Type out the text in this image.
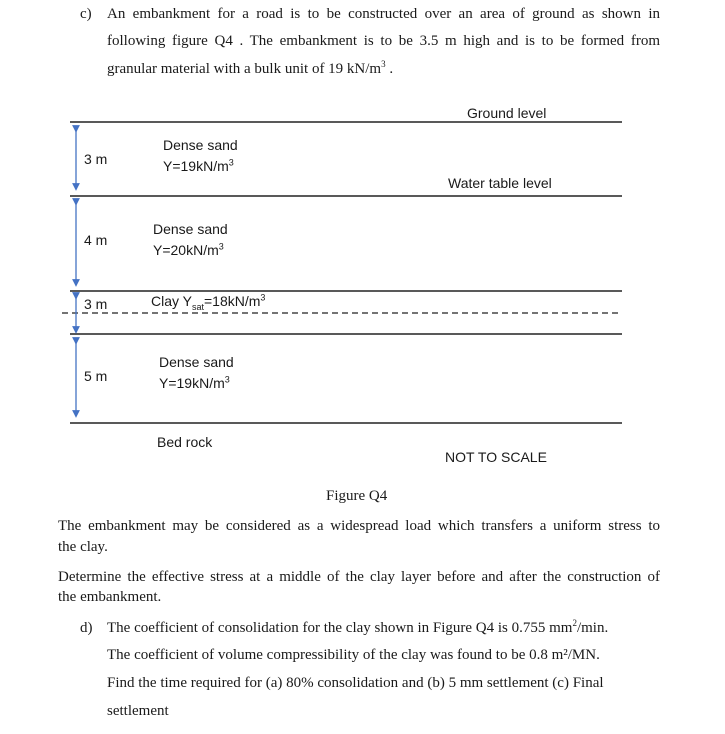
c) An embankment for a road is to be constructed over an area of ground as shown in
following figure Q4 . The embankment is to be 3.5 m high and is to be formed from
granular material with a bulk unit of 19 $kN/m^3$ .
Ground level
Water table level
3 m
Dense sand
$Y=19kN/m^3$
4 m
Dense sand
$Y=20kN/m^3$
3 m	Clay $Y_{sat}=18kN/m^3$
5 m
Dense sand
$Y=19kN/m^3$
Bed rock
NOT TO SCALE
Figure Q4
The embankment may be considered as a widespread load which transfers a uniform stress to
the clay.
Determine the effective stress at a middle of the clay layer before and after the construction of
the embankment.
d) The coefficient of consolidation for the clay shown in Figure Q4 is 0.755 $mm^2/\min$.
The coefficient of volume compressibility of the clay was found to be 0.8 m²/MN.
Find the time required for (a) 80% consolidation and (b) 5 mm settlement (c) Final
settlement
